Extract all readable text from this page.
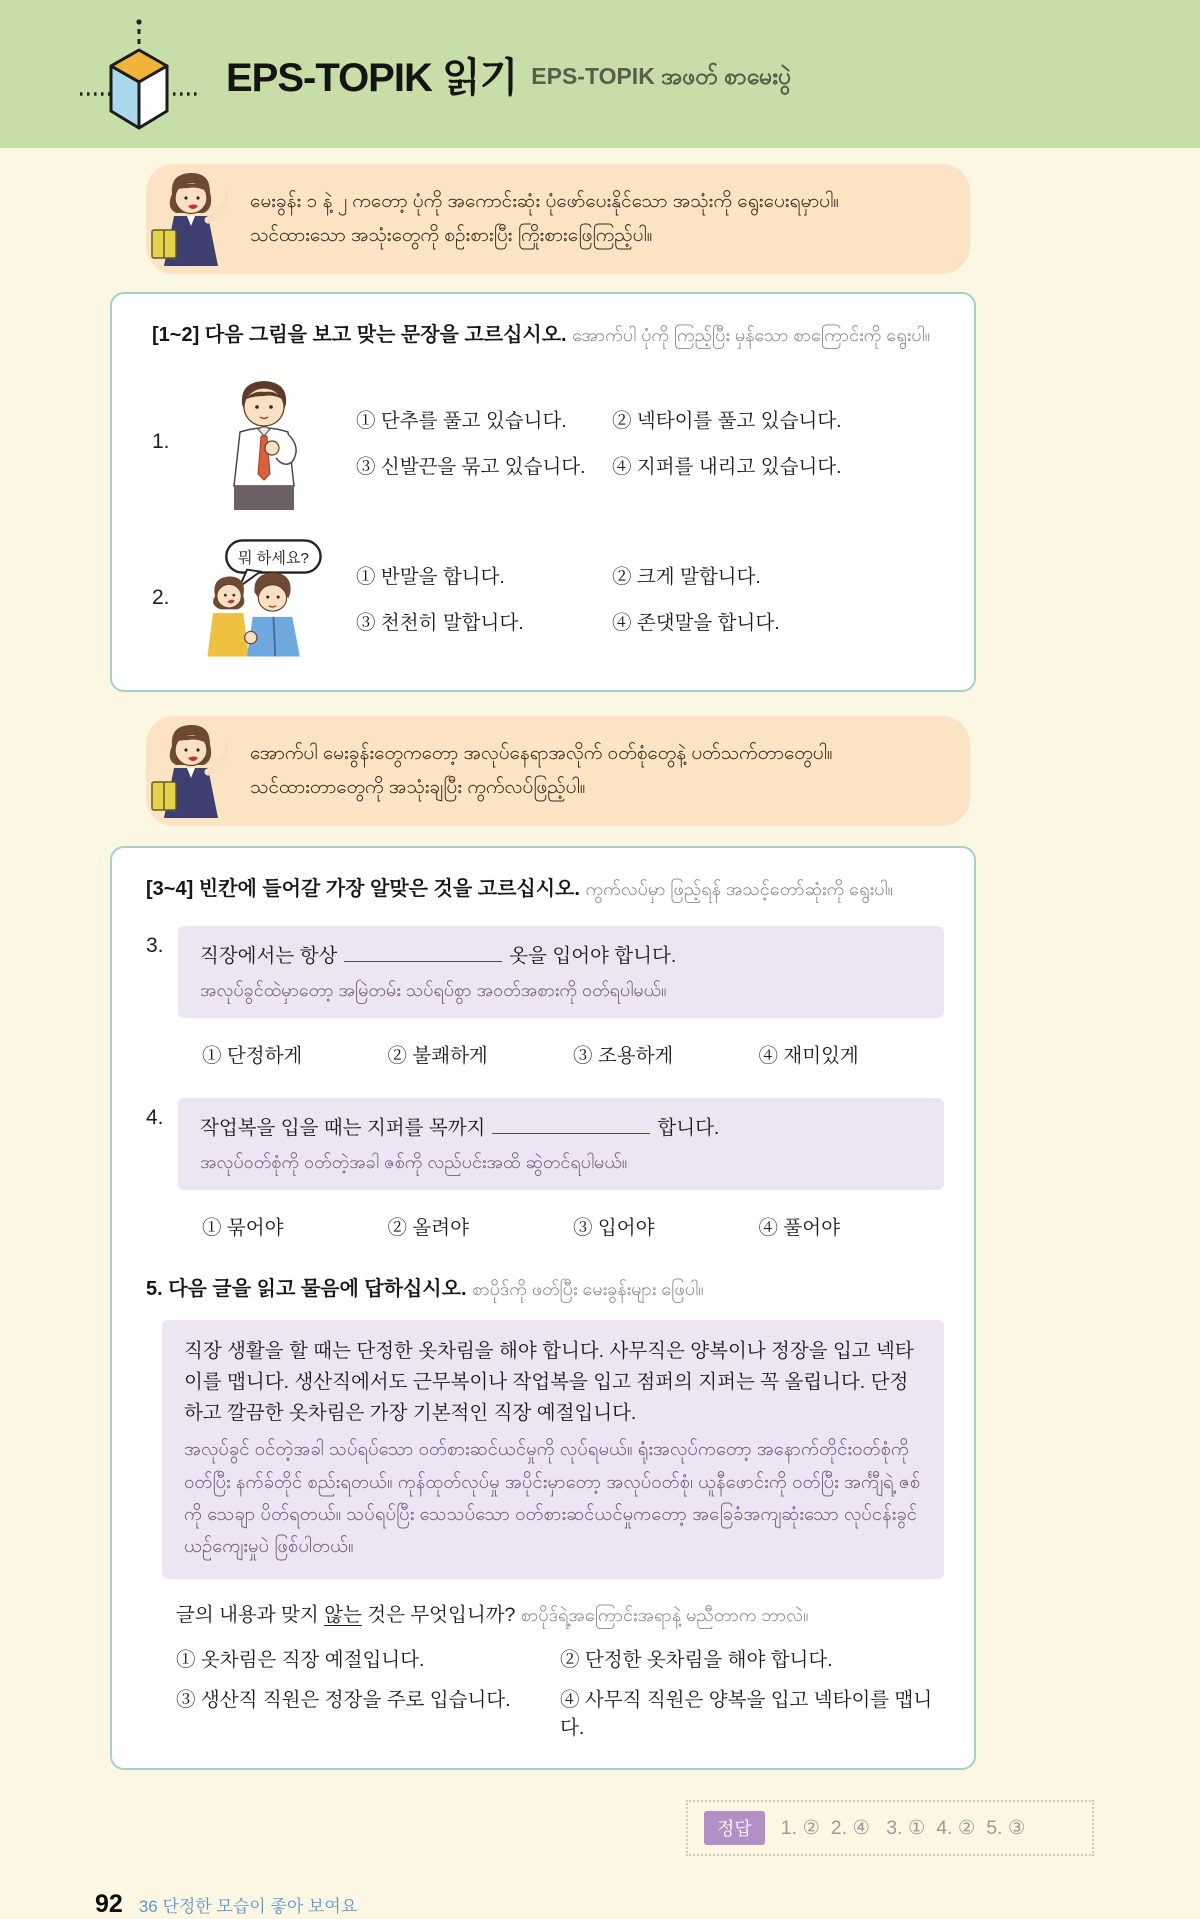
EPS-TOPIK 읽기 EPS-TOPIK အဖတ် စာမေးပွဲ

မေးခွန်း ၁ နဲ့ ၂ ကတော့ ပုံကို အကောင်းဆုံး ပုံဖော်ပေးနိုင်သော အသုံးကို ရွေးပေးရမှာပါ။

သင်ထားသော အသုံးတွေကို စဉ်းစားပြီး ကြိုးစားဖြေကြည့်ပါ။

[1~2] 다음 그림을 보고 맞는 문장을 고르십시오. အောက်ပါ ပုံကို ကြည့်ပြီး မှန်သော စာကြောင်းကို ရွေးပါ။
1.
① 단추를 풀고 있습니다.	② 넥타이를 풀고 있습니다.
③ 신발끈을 묶고 있습니다.	④ 지퍼를 내리고 있습니다.
2.
뭐 하세요?
① 반말을 합니다.	② 크게 말합니다.
③ 천천히 말합니다.	④ 존댓말을 합니다.

အောက်ပါ မေးခွန်းတွေကတော့ အလုပ်နေရာအလိုက် ဝတ်စုံတွေနဲ့ ပတ်သက်တာတွေပါ။

သင်ထားတာတွေကို အသုံးချပြီး ကွက်လပ်ဖြည့်ပါ။

[3~4] 빈칸에 들어갈 가장 알맞은 것을 고르십시오. ကွက်လပ်မှာ ဖြည့်ရန် အသင့်တော်ဆုံးကို ရွေးပါ။
3.	직장에서는 항상	옷을 입어야 합니다.
အလုပ်ခွင်ထဲမှာတော့ အမြဲတမ်း သပ်ရပ်စွာ အဝတ်အစားကို ဝတ်ရပါမယ်။
① 단정하게	② 불쾌하게	③ 조용하게	④ 재미있게
4.	작업복을 입을 때는 지퍼를 목까지	합니다.
အလုပ်ဝတ်စုံကို ဝတ်တဲ့အခါ ဇစ်ကို လည်ပင်းအထိ ဆွဲတင်ရပါမယ်။
① 묶어야	② 올려야	③ 입어야	④ 풀어야
5. 다음 글을 읽고 물음에 답하십시오. စာပိုဒ်ကို ဖတ်ပြီး မေးခွန်းများ ဖြေပါ။

직장 생활을 할 때는 단정한 옷차림을 해야 합니다. 사무직은 양복이나 정장을 입고 넥타이를 맵니다. 생산직에서도 근무복이나 작업복을 입고 점퍼의 지퍼는 꼭 올립니다. 단정하고 깔끔한 옷차림은 가장 기본적인 직장 예절입니다.

အလုပ်ခွင် ဝင်တဲ့အခါ သပ်ရပ်သော ဝတ်စားဆင်ယင်မှုကို လုပ်ရမယ်။ ရုံးအလုပ်ကတော့ အနောက်တိုင်းဝတ်စုံကို ဝတ်ပြီး နက်ခ်တိုင် စည်းရတယ်။ ကုန်ထုတ်လုပ်မှု အပိုင်းမှာတော့ အလုပ်ဝတ်စုံ၊ ယူနီဖောင်းကို ဝတ်ပြီး အင်္ကျီရဲ့ ဇစ်ကို သေချာ ပိတ်ရတယ်။ သပ်ရပ်ပြီး သေသပ်သော ဝတ်စားဆင်ယင်မှုကတော့ အခြေခံအကျဆုံးသော လုပ်ငန်းခွင် ယဉ်ကျေးမှုပဲ ဖြစ်ပါတယ်။

글의 내용과 맞지 않는 것은 무엇입니까? စာပိုဒ်ရဲ့အကြောင်းအရာနဲ့ မညီတာက ဘာလဲ။
① 옷차림은 직장 예절입니다.	② 단정한 옷차림을 해야 합니다.
③ 생산직 직원은 정장을 주로 입습니다.	④ 사무직 직원은 양복을 입고 넥타이를 맵니다.
정답	1. ②  2. ④   3. ①  4. ②  5. ③
92 36 단정한 모습이 좋아 보여요
